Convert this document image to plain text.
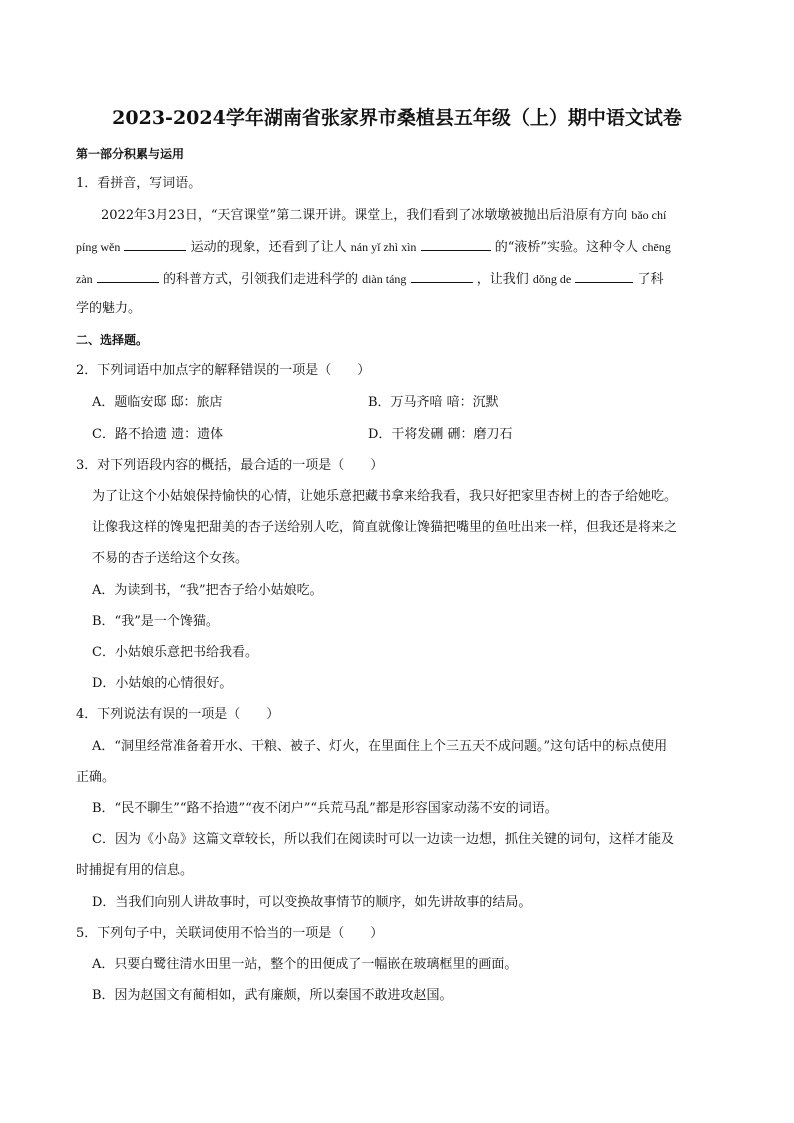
2023-2024学年湖南省张家界市桑植县五年级（上）期中语文试卷
第一部分积累与运用
1．看拼音，写词语。
2022年3月23日，“天宫课堂”第二课开讲。课堂上，我们看到了冰墩墩被抛出后沿原有方向 bǎo chí
píng wěn	运动的现象，还看到了让人 nán yǐ zhì xìn	的“液桥”实验。这种令人 chēng
zàn	的科普方式，引领我们走进科学的 diàn táng	，让我们 dǒng de	了科
学的魅力。
二、选择题。
2．下列词语中加点字的解释错误的一项是（　　）
A．题临安邸 邸：旅店	B．万马齐喑 喑：沉默
C．路不拾遗 遗：遗体	D．干将发硎 硎：磨刀石
3．对下列语段内容的概括，最合适的一项是（　　）
为了让这个小姑娘保持愉快的心情，让她乐意把藏书拿来给我看，我只好把家里杏树上的杏子给她吃。
让像我这样的馋鬼把甜美的杏子送给别人吃，简直就像让馋猫把嘴里的鱼吐出来一样，但我还是将来之
不易的杏子送给这个女孩。
A．为读到书，“我”把杏子给小姑娘吃。
B．“我”是一个馋猫。
C．小姑娘乐意把书给我看。
D．小姑娘的心情很好。
4．下列说法有误的一项是（　　）
A．“洞里经常准备着开水、干粮、被子、灯火，在里面住上个三五天不成问题。”这句话中的标点使用
正确。
B．“民不聊生”“路不拾遗”“夜不闭户”“兵荒马乱”都是形容国家动荡不安的词语。
C．因为《小岛》这篇文章较长，所以我们在阅读时可以一边读一边想，抓住关键的词句，这样才能及
时捕捉有用的信息。
D．当我们向别人讲故事时，可以变换故事情节的顺序，如先讲故事的结局。
5．下列句子中，关联词使用不恰当的一项是（　　）
A．只要白鹭往清水田里一站，整个的田便成了一幅嵌在玻璃框里的画面。
B．因为赵国文有蔺相如，武有廉颇，所以秦国不敢进攻赵国。
